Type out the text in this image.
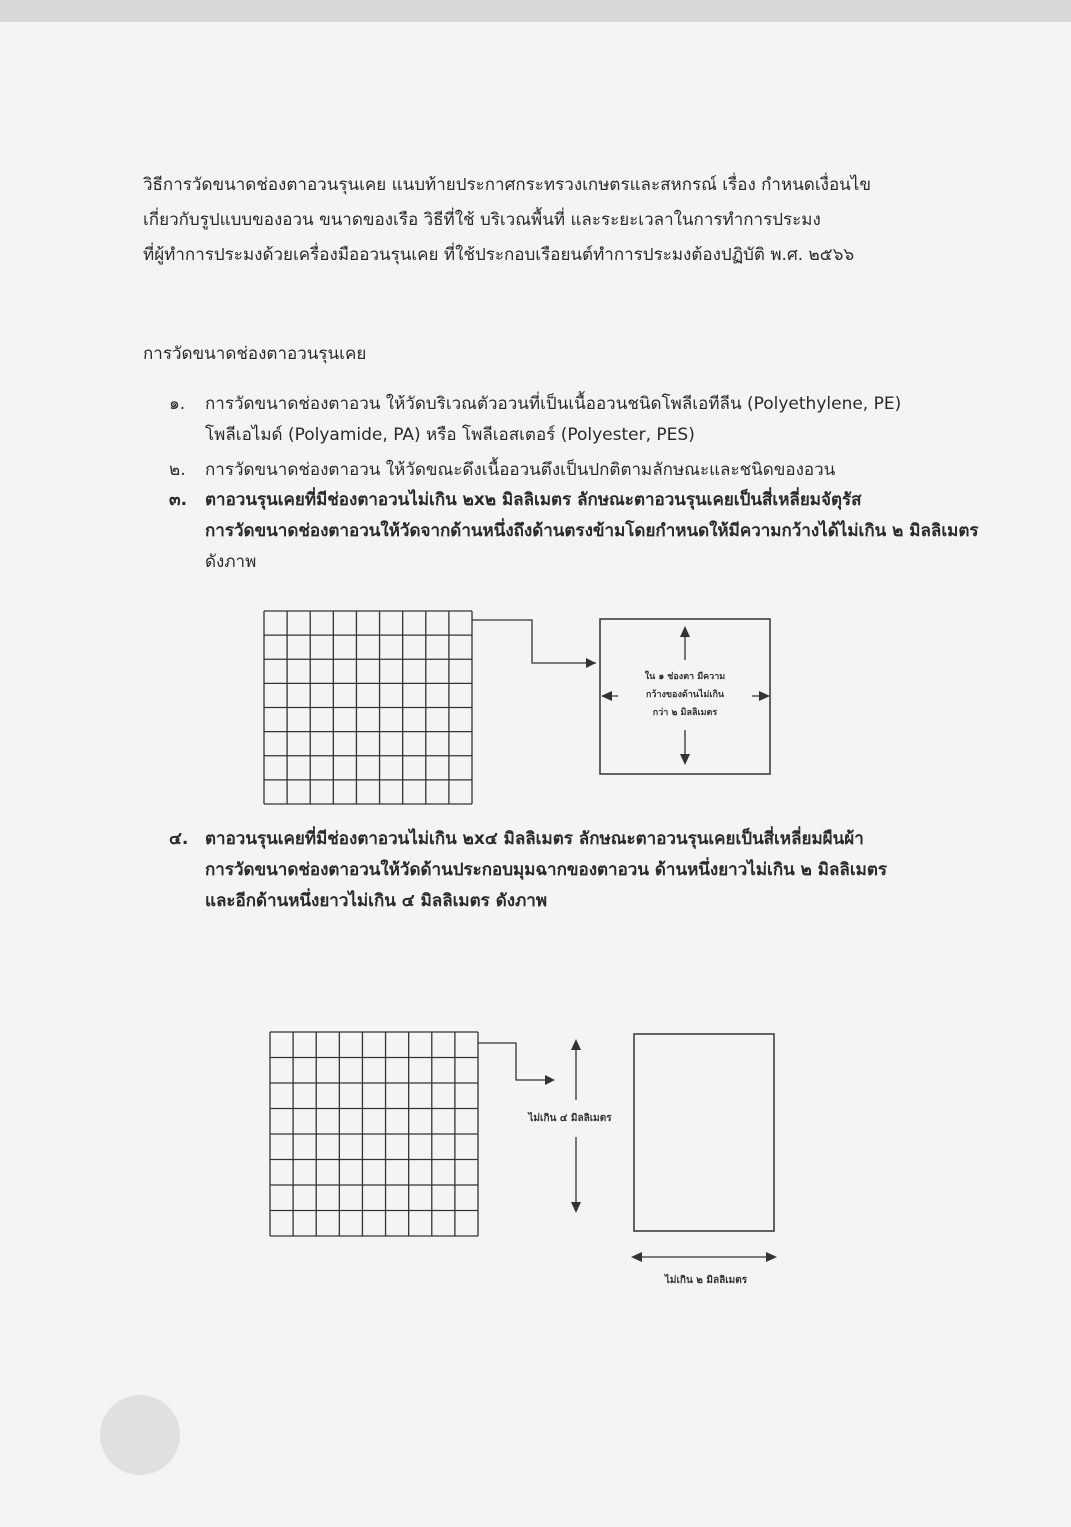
วิธีการวัดขนาดช่องตาอวนรุนเคย แนบท้ายประกาศกระทรวงเกษตรและสหกรณ์ เรื่อง กำหนดเงื่อนไข

เกี่ยวกับรูปแบบของอวน ขนาดของเรือ วิธีที่ใช้ บริเวณพื้นที่ และระยะเวลาในการทำการประมง

ที่ผู้ทำการประมงด้วยเครื่องมืออวนรุนเคย ที่ใช้ประกอบเรือยนต์ทำการประมงต้องปฏิบัติ พ.ศ. ๒๕๖๖

การวัดขนาดช่องตาอวนรุนเคย
๑. การวัดขนาดช่องตาอวน ให้วัดบริเวณตัวอวนที่เป็นเนื้ออวนชนิดโพลีเอทีลีน (Polyethylene, PE)

โพลีเอไมด์ (Polyamide, PA) หรือ โพลีเอสเตอร์ (Polyester, PES)

๒. การวัดขนาดช่องตาอวน ให้วัดขณะดึงเนื้ออวนตึงเป็นปกติตามลักษณะและชนิดของอวน

๓. ตาอวนรุนเคยที่มีช่องตาอวนไม่เกิน ๒x๒ มิลลิเมตร ลักษณะตาอวนรุนเคยเป็นสี่เหลี่ยมจัตุรัส

การวัดขนาดช่องตาอวนให้วัดจากด้านหนึ่งถึงด้านตรงข้ามโดยกำหนดให้มีความกว้างได้ไม่เกิน ๒ มิลลิเมตร

ดังภาพ

ใน ๑ ช่องตา มีความ
กว้างของด้านไม่เกิน
กว่า ๒ มิลลิเมตร
๔. ตาอวนรุนเคยที่มีช่องตาอวนไม่เกิน ๒x๔ มิลลิเมตร ลักษณะตาอวนรุนเคยเป็นสี่เหลี่ยมผืนผ้า

การวัดขนาดช่องตาอวนให้วัดด้านประกอบมุมฉากของตาอวน ด้านหนึ่งยาวไม่เกิน ๒ มิลลิเมตร

และอีกด้านหนึ่งยาวไม่เกิน ๔ มิลลิเมตร ดังภาพ

ไม่เกิน ๔ มิลลิเมตร
ไม่เกิน ๒ มิลลิเมตร
